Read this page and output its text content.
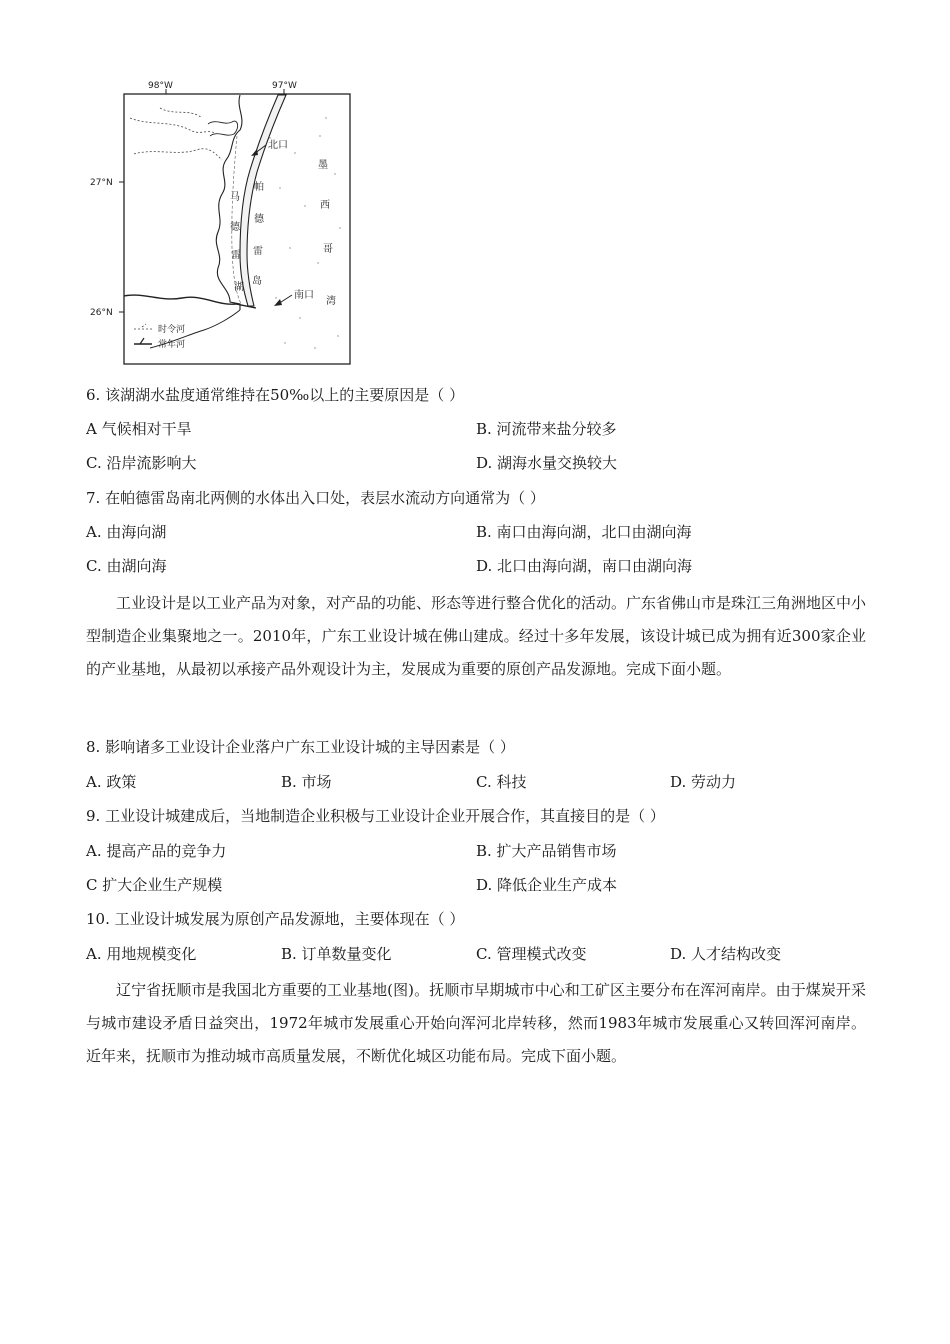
98°W	97°W
27°N
26°N
北口
南口
帕
德
雷
岛
马
德
雷
湖
墨
西
哥
湾
时令河
常年河
6. 该湖湖水盐度通常维持在50‰以上的主要原因是（ ）
A 气候相对干旱	B. 河流带来盐分较多
C. 沿岸流影响大	D. 湖海水量交换较大
7. 在帕德雷岛南北两侧的水体出入口处，表层水流动方向通常为（ ）
A. 由海向湖	B. 南口由海向湖，北口由湖向海
C. 由湖向海	D. 北口由海向湖，南口由湖向海
工业设计是以工业产品为对象，对产品的功能、形态等进行整合优化的活动。广东省佛山市是珠江三角洲地区中小型制造企业集聚地之一。2010年，广东工业设计城在佛山建成。经过十多年发展，该设计城已成为拥有近300家企业的产业基地，从最初以承接产品外观设计为主，发展成为重要的原创产品发源地。完成下面小题。
8. 影响诸多工业设计企业落户广东工业设计城的主导因素是（ ）
A. 政策	B. 市场	C. 科技	D. 劳动力
9. 工业设计城建成后，当地制造企业积极与工业设计企业开展合作，其直接目的是（ ）
A. 提高产品的竞争力	B. 扩大产品销售市场
C 扩大企业生产规模	D. 降低企业生产成本
10. 工业设计城发展为原创产品发源地，主要体现在（ ）
A. 用地规模变化	B. 订单数量变化	C. 管理模式改变	D. 人才结构改变
辽宁省抚顺市是我国北方重要的工业基地(图)。抚顺市早期城市中心和工矿区主要分布在浑河南岸。由于煤炭开采与城市建设矛盾日益突出，1972年城市发展重心开始向浑河北岸转移，然而1983年城市发展重心又转回浑河南岸。近年来，抚顺市为推动城市高质量发展，不断优化城区功能布局。完成下面小题。
